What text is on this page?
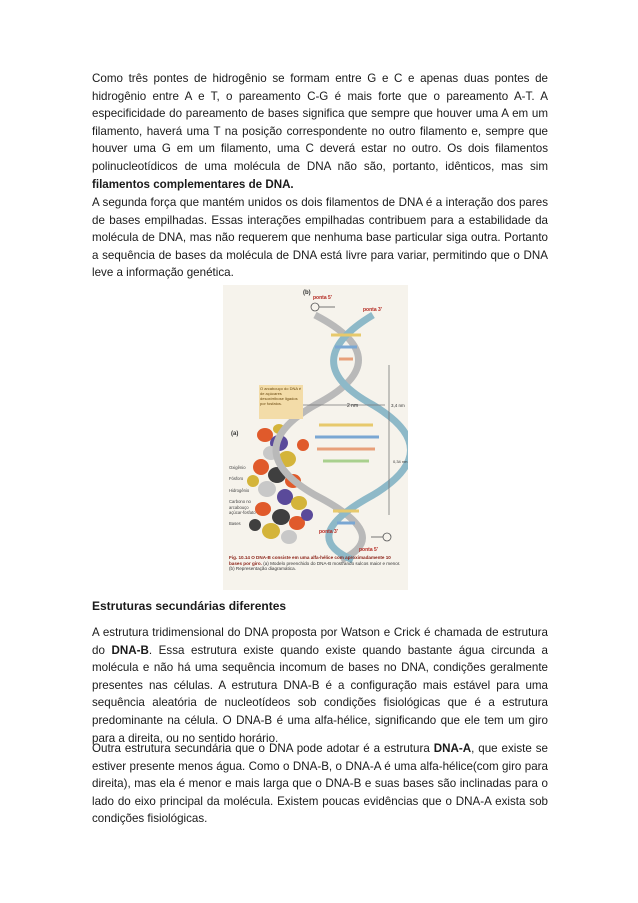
Como três pontes de hidrogênio se formam entre G e C e apenas duas pontes de hidrogênio entre A e T, o pareamento C-G é mais forte que o pareamento A-T. A especificidade do pareamento de bases significa que sempre que houver uma A em um filamento, haverá uma T na posição correspondente no outro filamento e, sempre que houver uma G em um filamento, uma C deverá estar no outro. Os dois filamentos polinucleotídicos de uma molécula de DNA não são, portanto, idênticos, mas sim filamentos complementares de DNA.

A segunda força que mantém unidos os dois filamentos de DNA é a interação dos pares de bases empilhadas. Essas interações empilhadas contribuem para a estabilidade da molécula de DNA, mas não requerem que nenhuma base particular siga outra. Portanto a sequência de bases da molécula de DNA está livre para variar, permitindo que o DNA leve a informação genética.

(b)
ponta 5'
ponta 3'
(a)
2 nm	3,4 nm
0,34 nm
ponta 3'
ponta 5'
O arcabouço do DNA é de açúcares desoxirribose ligados por fosfatos.
Oxigênio
Fósforo
Hidrogênio
Carbono no arcabouço açúcar-fosfato
Bases
Fig. 10.14 O DNA-B consiste em uma alfa-hélice com aproximadamente 10 bases por giro. (a) Modelo preenchido do DNA-B mostrando sulcos maior e menor. (b) Representação diagramática.
Estruturas secundárias diferentes

A estrutura tridimensional do DNA proposta por Watson e Crick é chamada de estrutura do DNA-B. Essa estrutura existe quando existe quando bastante água circunda a molécula e não há uma sequência incomum de bases no DNA, condições geralmente presentes nas células. A estrutura DNA-B é a configuração mais estável para uma sequência aleatória de nucleotídeos sob condições fisiológicas que é a estrutura predominante na célula. O DNA-B é uma alfa-hélice, significando que ele tem um giro para a direita, ou no sentido horário.

Outra estrutura secundária que o DNA pode adotar é a estrutura DNA-A, que existe se estiver presente menos água. Como o DNA-B, o DNA-A é uma alfa-hélice(com giro para direita), mas ela é menor e mais larga que o DNA-B e suas bases são inclinadas para o lado do eixo principal da molécula. Existem poucas evidências que o DNA-A exista sob condições fisiológicas.
